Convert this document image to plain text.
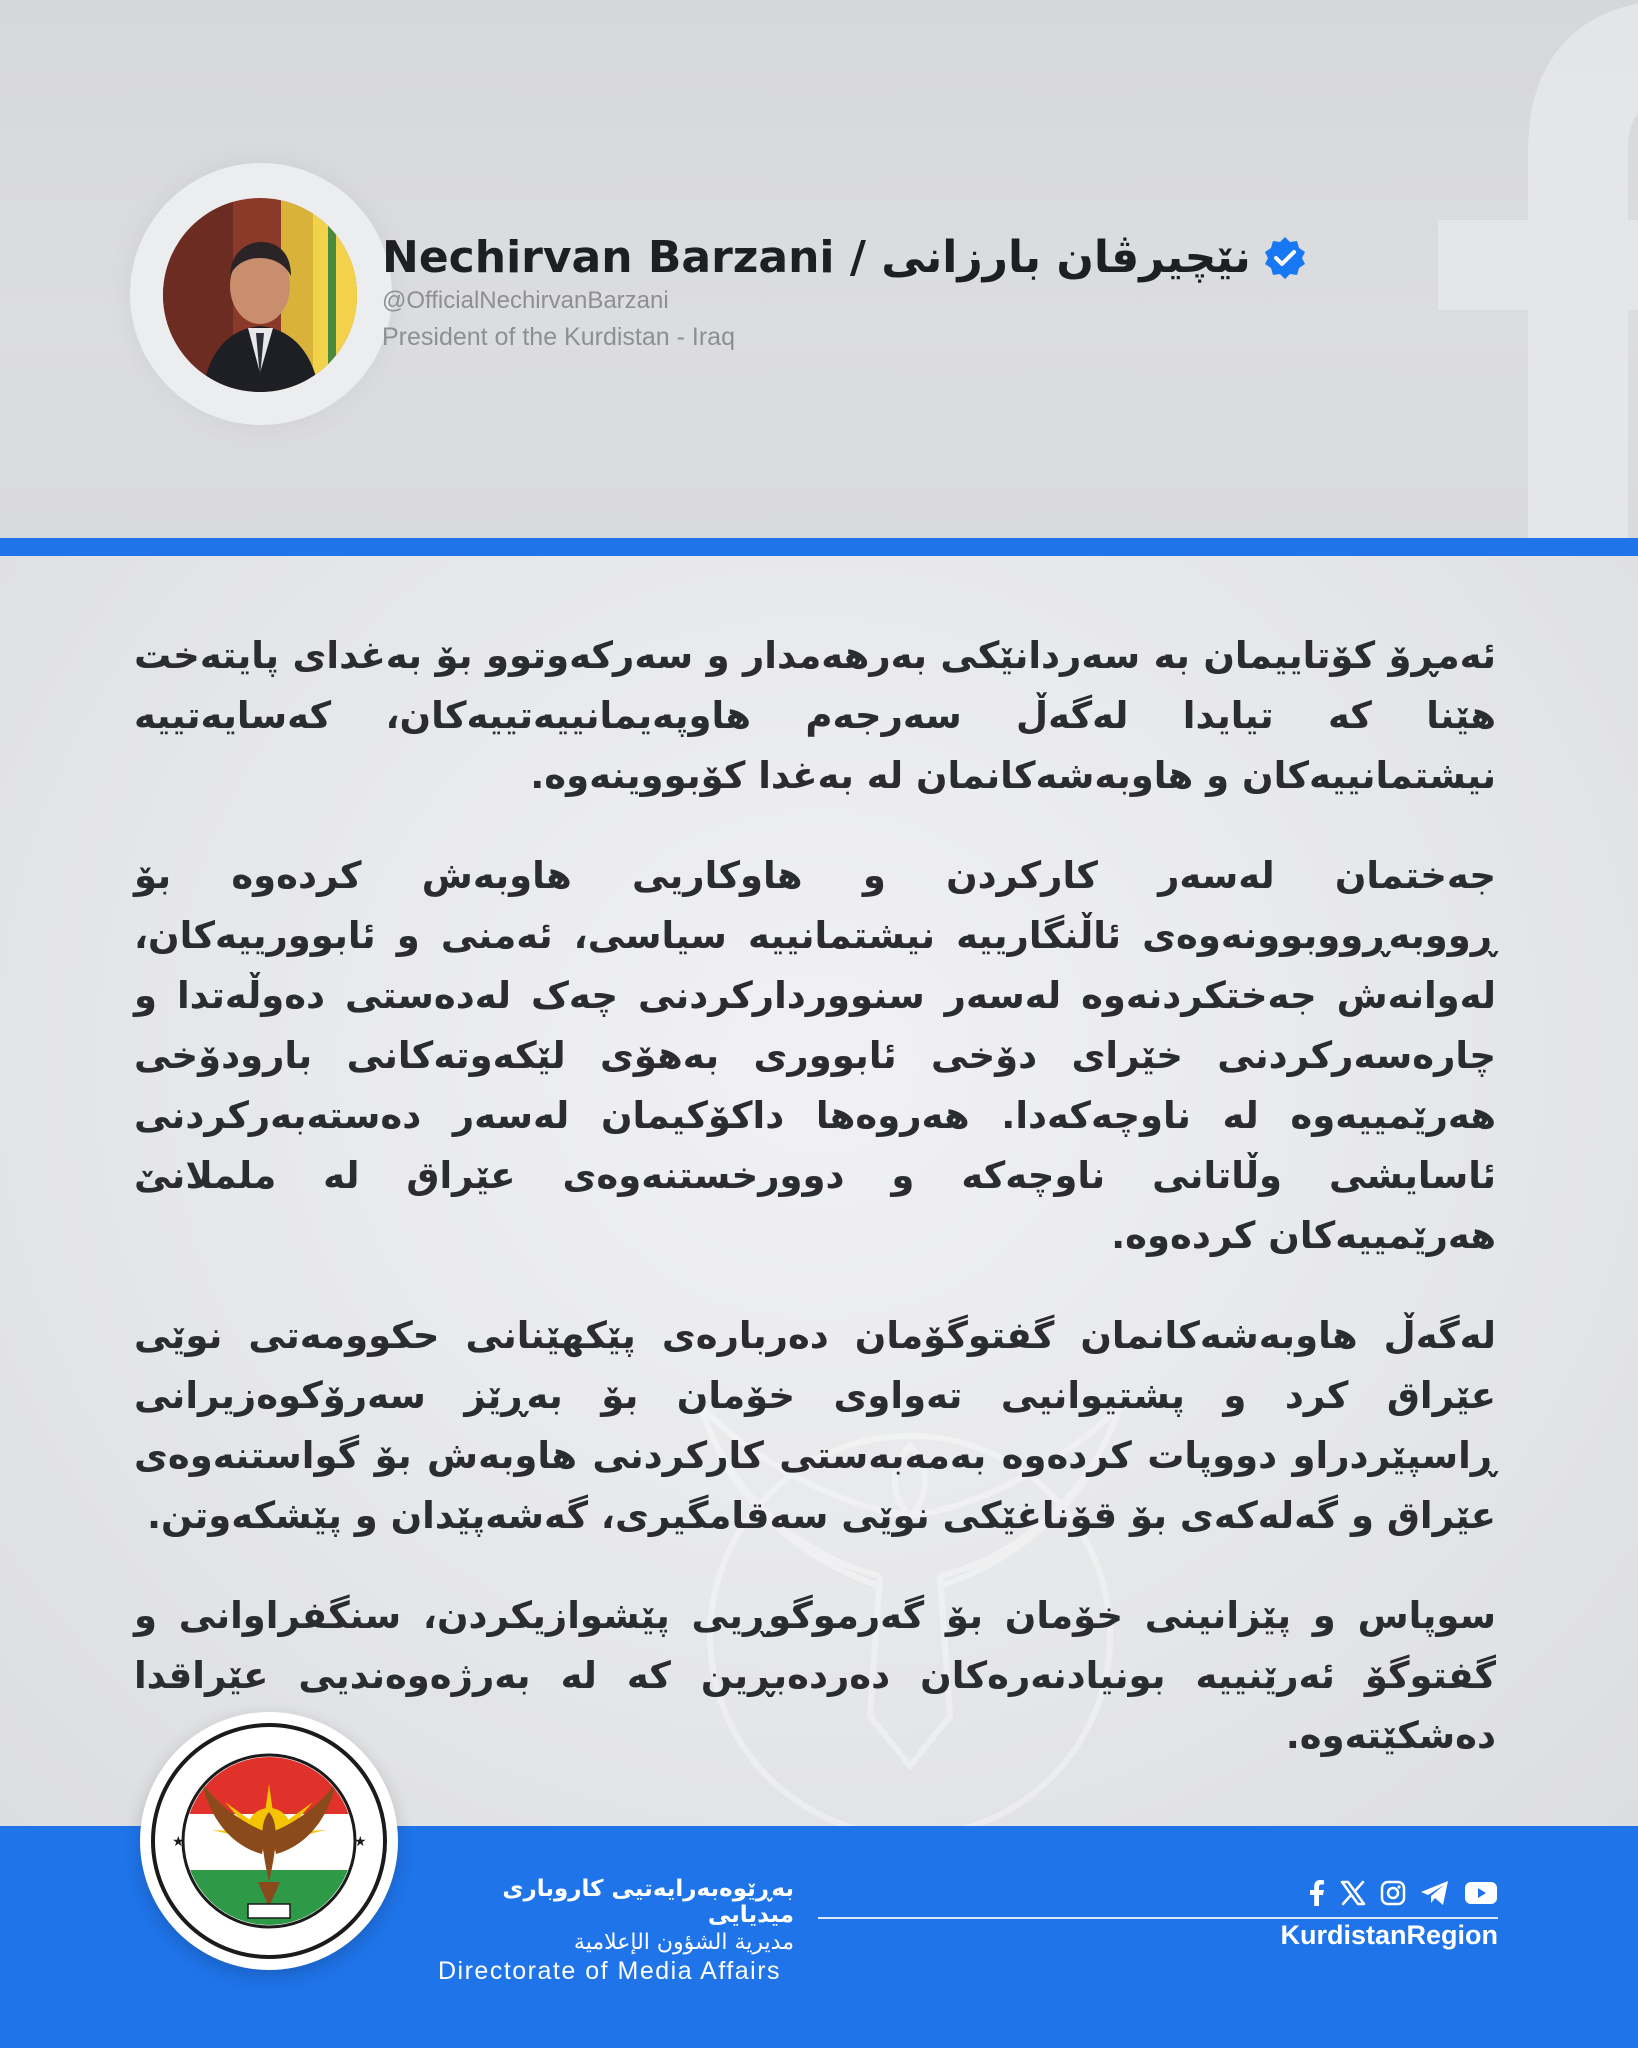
Nechirvan Barzani / نێچیرڤان بارزانی
@OfficialNechirvanBarzani
President of the Kurdistan - Iraq

ئەمڕۆ کۆتاییمان بە سەردانێکی بەرهەمدار و سەرکەوتوو بۆ بەغدای پایتەخت هێنا کە تیایدا لەگەڵ سەرجەم هاوپەیمانییەتییەکان، کەسایەتییە نیشتمانییەکان و هاوبەشەکانمان لە بەغدا کۆبووینەوە.

جەختمان لەسەر کارکردن و هاوکاریی هاوبەش کردەوە بۆ ڕووبەڕووبوونەوەی ئاڵنگارییە نیشتمانییە سیاسی، ئەمنی و ئابوورییەکان، لەوانەش جەختکردنەوە لەسەر سنووردارکردنی چەک لەدەستی دەوڵەتدا و چارەسەرکردنی خێرای دۆخی ئابووری بەهۆی لێکەوتەکانی بارودۆخی هەرێمییەوە لە ناوچەکەدا. هەروەها داکۆکیمان لەسەر دەستەبەرکردنی ئاسایشی وڵاتانی ناوچەکە و دوورخستنەوەی عێراق لە ململانێ هەرێمییەکان کردەوە.

لەگەڵ هاوبەشەکانمان گفتوگۆمان دەربارەی پێکهێنانی حکوومەتی نوێی عێراق کرد و پشتیوانیی تەواوی خۆمان بۆ بەڕێز سەرۆکوەزیرانی ڕاسپێردراو دووپات کردەوە بەمەبەستی کارکردنی هاوبەش بۆ گواستنەوەی عێراق و گەلەکەی بۆ قۆناغێکی نوێی سەقامگیری، گەشەپێدان و پێشکەوتن.

سوپاس و پێزانینی خۆمان بۆ گەرموگوڕیی پێشوازیکردن، سنگفراوانی و گفتوگۆ ئەرێنییە بونیادنەرەکان دەردەبڕین کە لە بەرژەوەندیی عێراقدا دەشکێتەوە.

★	★
بەڕێوەبەرایەتیی کاروباری میدیایی
مديرية الشؤون الإعلامية
Directorate of Media Affairs
KurdistanRegion
